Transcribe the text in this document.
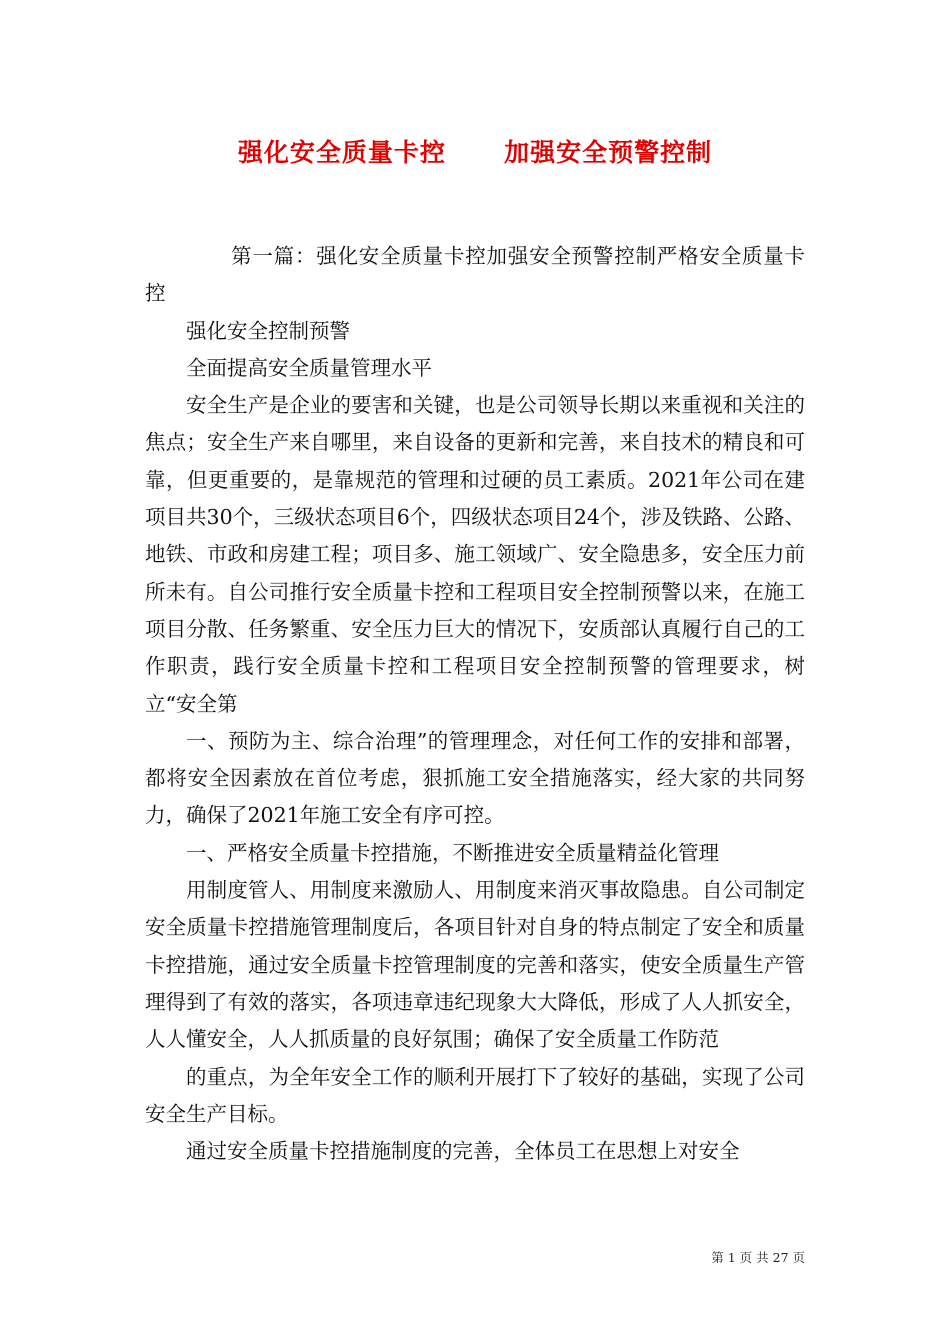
强化安全质量卡控      加强安全预警控制

第一篇：强化安全质量卡控加强安全预警控制严格安全质量卡控

强化安全控制预警

全面提高安全质量管理水平

安全生产是企业的要害和关键，也是公司领导长期以来重视和关注的焦点；安全生产来自哪里，来自设备的更新和完善，来自技术的精良和可靠，但更重要的，是靠规范的管理和过硬的员工素质。2021年公司在建项目共30个，三级状态项目6个，四级状态项目24个，涉及铁路、公路、地铁、市政和房建工程；项目多、施工领域广、安全隐患多，安全压力前所未有。自公司推行安全质量卡控和工程项目安全控制预警以来，在施工项目分散、任务繁重、安全压力巨大的情况下，安质部认真履行自己的工作职责，践行安全质量卡控和工程项目安全控制预警的管理要求，树立“安全第

一、预防为主、综合治理”的管理理念，对任何工作的安排和部署，都将安全因素放在首位考虑，狠抓施工安全措施落实，经大家的共同努力，确保了2021年施工安全有序可控。

一、严格安全质量卡控措施，不断推进安全质量精益化管理

用制度管人、用制度来激励人、用制度来消灭事故隐患。自公司制定安全质量卡控措施管理制度后，各项目针对自身的特点制定了安全和质量卡控措施，通过安全质量卡控管理制度的完善和落实，使安全质量生产管理得到了有效的落实，各项违章违纪现象大大降低，形成了人人抓安全，人人懂安全，人人抓质量的良好氛围；确保了安全质量工作防范

的重点，为全年安全工作的顺利开展打下了较好的基础，实现了公司安全生产目标。

通过安全质量卡控措施制度的完善，全体员工在思想上对安全

第 1 页 共 27 页
